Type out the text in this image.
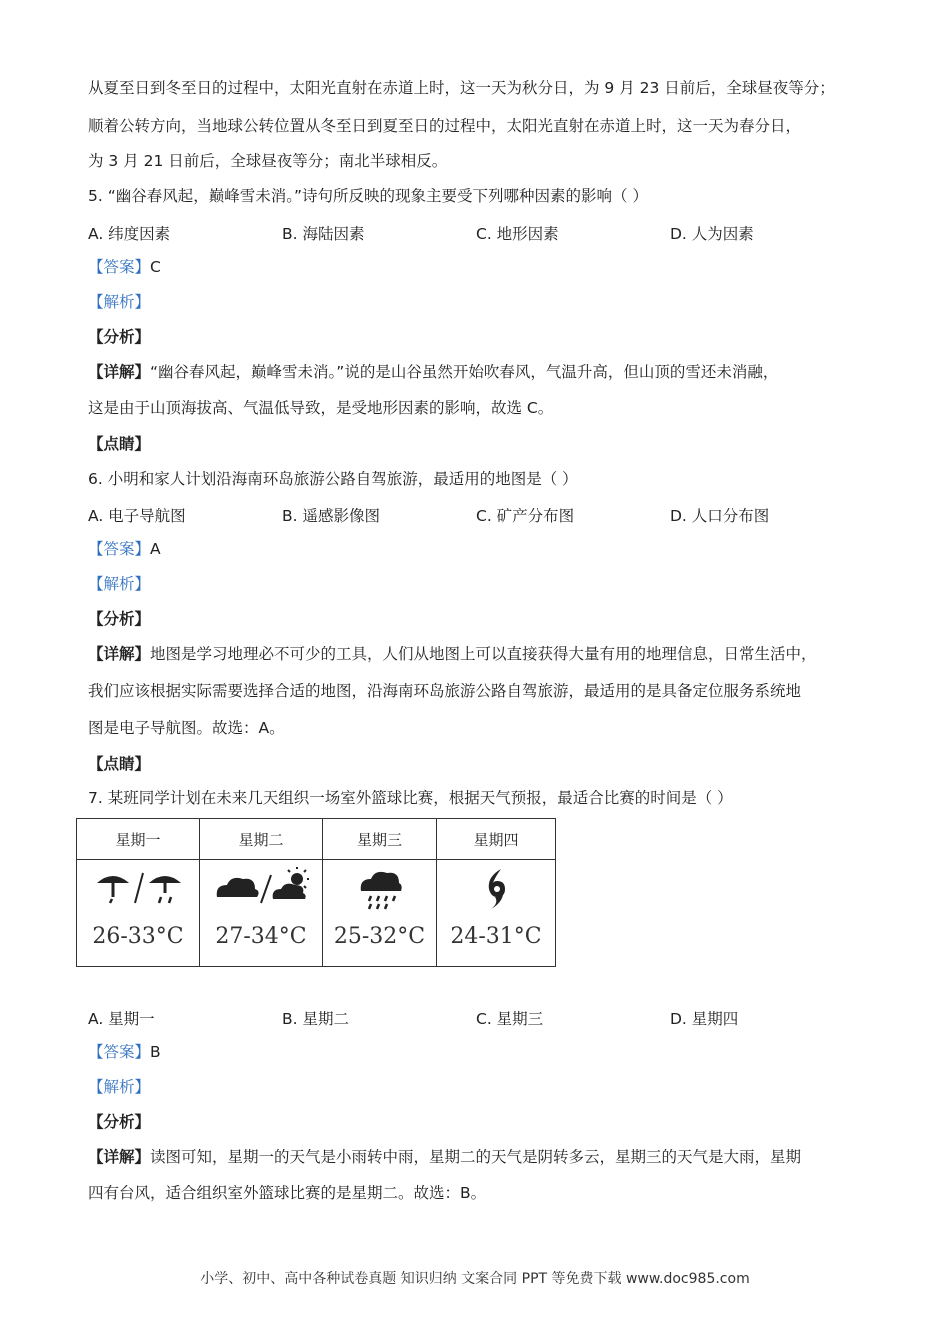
从夏至日到冬至日的过程中，太阳光直射在赤道上时，这一天为秋分日，为 9 月 23 日前后，全球昼夜等分；
顺着公转方向，当地球公转位置从冬至日到夏至日的过程中，太阳光直射在赤道上时，这一天为春分日，
为 3 月 21 日前后，全球昼夜等分；南北半球相反。
5. “幽谷春风起，巅峰雪未消。”诗句所反映的现象主要受下列哪种因素的影响（ ）
A. 纬度因素	B. 海陆因素	C. 地形因素	D. 人为因素
【答案】C
【解析】
【分析】
【详解】“幽谷春风起，巅峰雪未消。”说的是山谷虽然开始吹春风，气温升高，但山顶的雪还未消融，
这是由于山顶海拔高、气温低导致，是受地形因素的影响，故选 C。
【点睛】
6. 小明和家人计划沿海南环岛旅游公路自驾旅游，最适用的地图是（ ）
A. 电子导航图	B. 遥感影像图	C. 矿产分布图	D. 人口分布图
【答案】A
【解析】
【分析】
【详解】地图是学习地理必不可少的工具，人们从地图上可以直接获得大量有用的地理信息，日常生活中，
我们应该根据实际需要选择合适的地图，沿海南环岛旅游公路自驾旅游，最适用的是具备定位服务系统地
图是电子导航图。故选：A。
【点睛】
7. 某班同学计划在未来几天组织一场室外篮球比赛，根据天气预报，最适合比赛的时间是（ ）
星期一	星期二	星期三	星期四

26-33°C	27-34°C	25-32°C	24-31°C
A. 星期一	B. 星期二	C. 星期三	D. 星期四
【答案】B
【解析】
【分析】
【详解】读图可知，星期一的天气是小雨转中雨，星期二的天气是阴转多云，星期三的天气是大雨，星期
四有台风，适合组织室外篮球比赛的是星期二。故选：B。
小学、初中、高中各种试卷真题 知识归纳 文案合同 PPT 等免费下载 www.doc985.com
